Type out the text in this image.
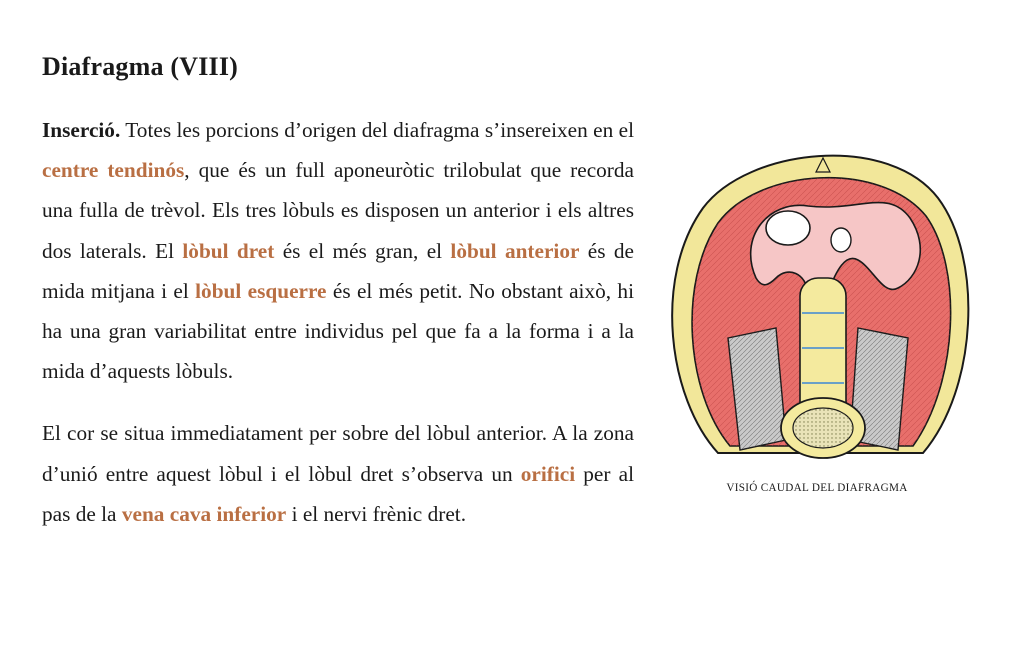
Diafragma (VIII)

Inserció. Totes les porcions d’origen del diafragma s’insereixen en el centre tendinós, que és un full aponeuròtic trilobulat que recorda una fulla de trèvol. Els tres lòbuls es disposen un anterior i els altres dos laterals. El lòbul dret és el més gran, el lòbul anterior és de mida mitjana i el lòbul esquerre és el més petit. No obstant això, hi ha una gran variabilitat entre individus pel que fa a la forma i a la mida d’aquests lòbuls.

El cor se situa immediatament per sobre del lòbul anterior. A la zona d’unió entre aquest lòbul i el lòbul dret s’observa un orifici per al pas de la vena cava inferior i el nervi frènic dret.

VISIÓ CAUDAL DEL DIAFRAGMA
